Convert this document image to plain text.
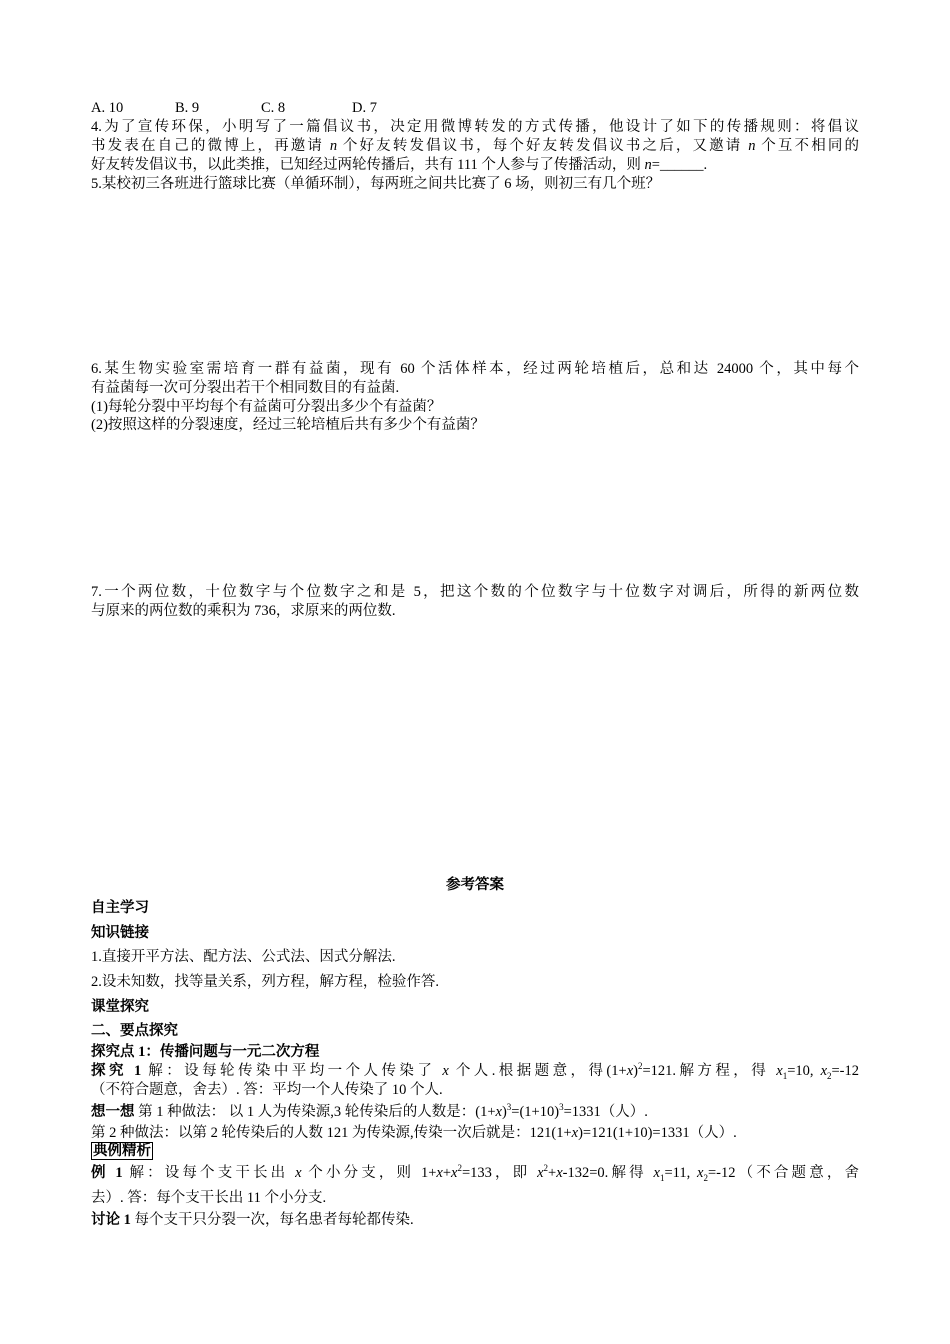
A. 10	B. 9	C. 8	D. 7
4.为了宣传环保，小明写了一篇倡议书，决定用微博转发的方式传播，他设计了如下的传播规则：将倡议
书发表在自己的微博上，再邀请 n 个好友转发倡议书，每个好友转发倡议书之后，又邀请 n 个互不相同的
好友转发倡议书，以此类推，已知经过两轮传播后，共有 111 个人参与了传播活动，则 n=______.
5.某校初三各班进行篮球比赛（单循环制），每两班之间共比赛了 6 场，则初三有几个班？
6.某生物实验室需培育一群有益菌，现有 60 个活体样本，经过两轮培植后，总和达 24000 个，其中每个
有益菌每一次可分裂出若干个相同数目的有益菌.
(1)每轮分裂中平均每个有益菌可分裂出多少个有益菌？
(2)按照这样的分裂速度，经过三轮培植后共有多少个有益菌？
7.一个两位数，十位数字与个位数字之和是 5，把这个数的个位数字与十位数字对调后，所得的新两位数
与原来的两位数的乘积为 736，求原来的两位数.
参考答案
自主学习
知识链接
1.直接开平方法、配方法、公式法、因式分解法.
2.设未知数，找等量关系，列方程，解方程，检验作答.
课堂探究
二、要点探究
探究点 1：传播问题与一元二次方程
探究 1 解：设每轮传染中平均一个人传染了 x 个人.根据题意，得$(1+x)^2=121$.解方程，得 $x_1=10$, $x_2=-12$
（不符合题意，舍去）. 答：平均一个人传染了 10 个人.
想一想 第 1 种做法： 以 1 人为传染源,3 轮传染后的人数是：$(1+x)^3=(1+10)^3=1331$（人）.
第 2 种做法：以第 2 轮传染后的人数 121 为传染源,传染一次后就是：121(1+x)=121(1+10)=1331（人）.
典例精析
例 1 解：设每个支干长出 x 个小分支，则 $1+x+x^2=133$，即 $x^2+x-132=0$.解得 $x_1=11$, $x_2=-12$（不合题意，舍
去）. 答：每个支干长出 11 个小分支.
讨论 1 每个支干只分裂一次，每名患者每轮都传染.
